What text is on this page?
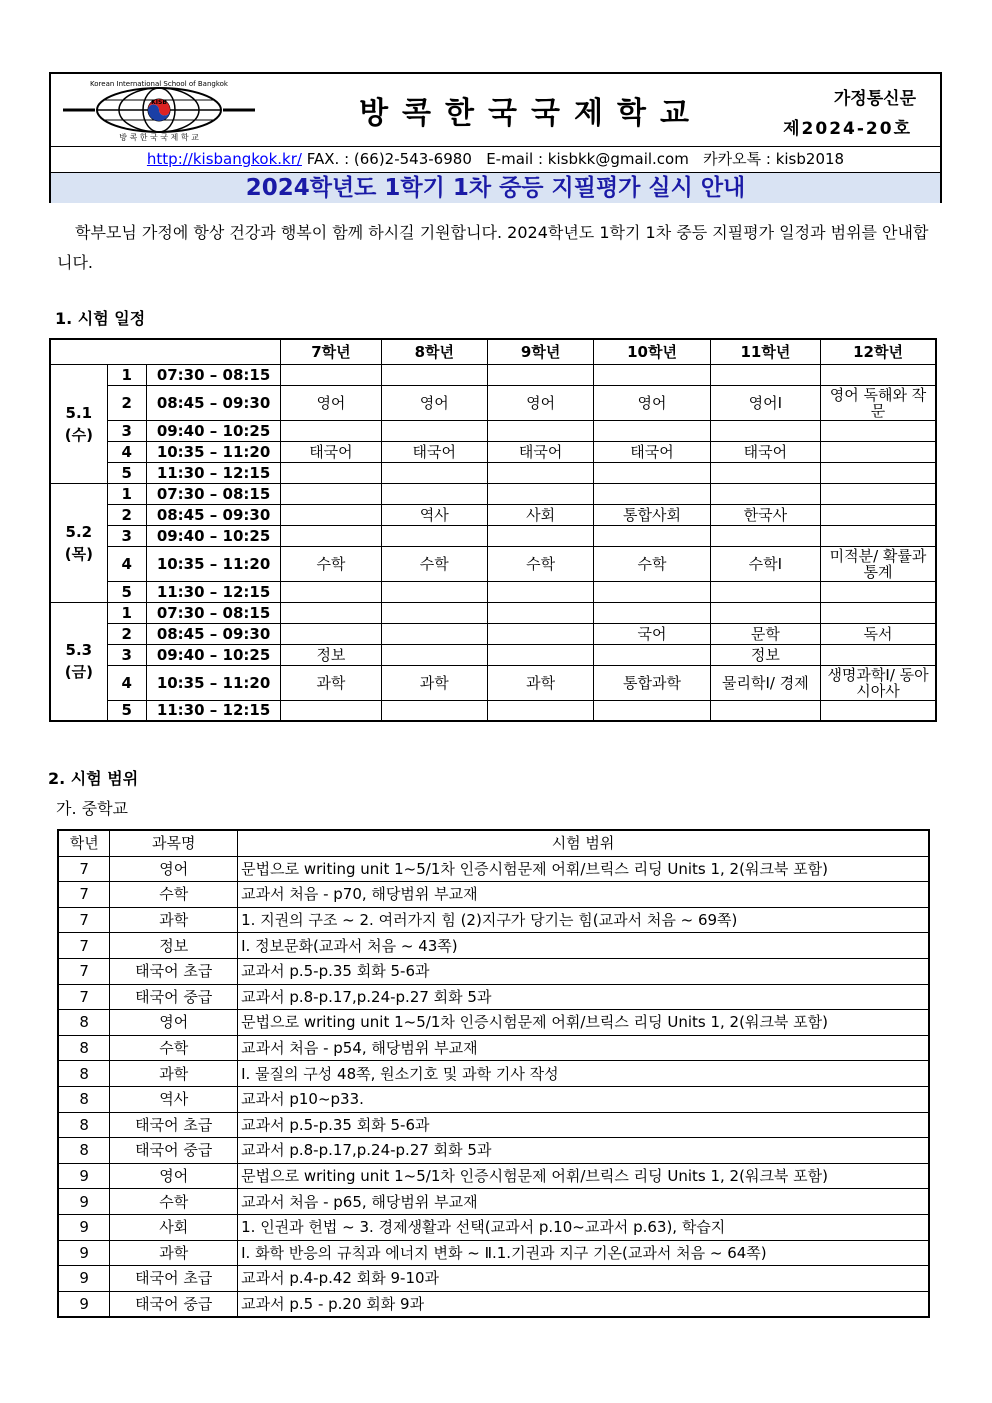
Korean International School of Bangkok
KISB
방 콕 한 국 국 제 학 교
방콕한국국제학교	가정통신문
제2024-20호
http://kisbangkok.kr/ FAX. : (66)2-543-6980 E-mail : kisbkk@gmail.com 카카오톡 : kisb2018
2024학년도 1학기 1차 중등 지필평가 실시 안내
학부모님 가정에 항상 건강과 행복이 함께 하시길 기원합니다. 2024학년도 1학기 1차 중등 지필평가 일정과 범위를 안내합니다.
1. 시험 일정
			7학년	8학년	9학년	10학년	11학년	12학년

5.1
(수)	1	07:30 – 08:15						
	2	08:45 – 09:30	영어	영어	영어	영어	영어Ⅰ	영어 독해와 작문
	3	09:40 – 10:25						
	4	10:35 – 11:20	태국어	태국어	태국어	태국어	태국어	
	5	11:30 – 12:15						

5.2
(목)	1	07:30 – 08:15						
	2	08:45 – 09:30		역사	사회	통합사회	한국사	
	3	09:40 – 10:25						
	4	10:35 – 11:20	수학	수학	수학	수학	수학Ⅰ	미적분/ 확률과 통계
	5	11:30 – 12:15						

5.3
(금)	1	07:30 – 08:15						
	2	08:45 – 09:30				국어	문학	독서
	3	09:40 – 10:25	정보				정보	
	4	10:35 – 11:20	과학	과학	과학	통합과학	물리학Ⅰ/ 경제	생명과학Ⅰ/ 동아시아사
	5	11:30 – 12:15						
2. 시험 범위
가. 중학교
학년	과목명	시험 범위
7	영어	문법으로 writing unit 1~5/1차 인증시험문제 어휘/브릭스 리딩 Units 1, 2(워크북 포함)
7	수학	교과서 처음 - p70, 해당범위 부교재
7	과학	1. 지권의 구조 ~ 2. 여러가지 힘 (2)지구가 당기는 힘(교과서 처음 ~ 69쪽)
7	정보	Ⅰ. 정보문화(교과서 처음 ~ 43쪽)
7	태국어 초급	교과서 p.5-p.35 회화 5-6과
7	태국어 중급	교과서 p.8-p.17,p.24-p.27 회화 5과
8	영어	문법으로 writing unit 1~5/1차 인증시험문제 어휘/브릭스 리딩 Units 1, 2(워크북 포함)
8	수학	교과서 처음 - p54, 해당범위 부교재
8	과학	Ⅰ. 물질의 구성 48쪽, 원소기호 및 과학 기사 작성
8	역사	교과서 p10~p33.
8	태국어 초급	교과서 p.5-p.35 회화 5-6과
8	태국어 중급	교과서 p.8-p.17,p.24-p.27 회화 5과
9	영어	문법으로 writing unit 1~5/1차 인증시험문제 어휘/브릭스 리딩 Units 1, 2(워크북 포함)
9	수학	교과서 처음 - p65, 해당범위 부교재
9	사회	1. 인권과 헌법 ~ 3. 경제생활과 선택(교과서 p.10~교과서 p.63), 학습지
9	과학	Ⅰ. 화학 반응의 규칙과 에너지 변화 ~ Ⅱ.1.기권과 지구 기온(교과서 처음 ~ 64쪽)
9	태국어 초급	교과서 p.4-p.42 회화 9-10과
9	태국어 중급	교과서 p.5 - p.20 회화 9과
